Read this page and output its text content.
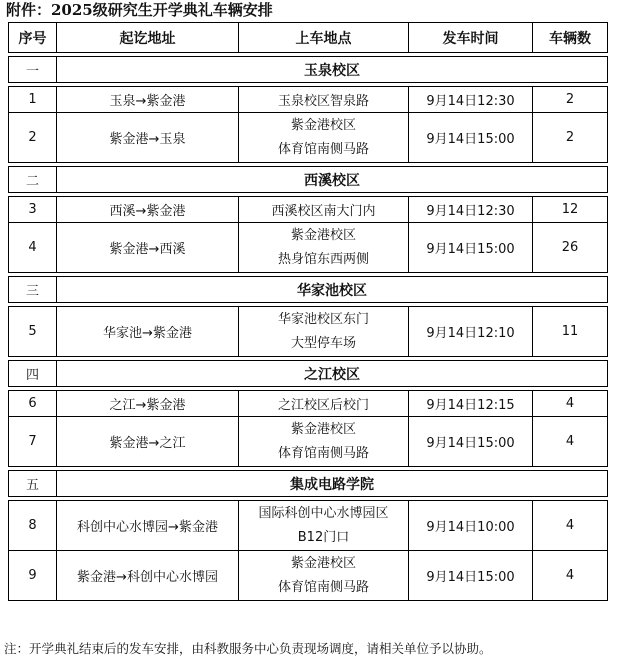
附件：2025级研究生开学典礼车辆安排
序号	起讫地址	上车地点	发车时间	车辆数

一	玉泉校区			

1	玉泉→紫金港	玉泉校区智泉路	9月14日12:30	2
2	紫金港→玉泉	紫金港校区
体育馆南侧马路	9月14日15:00	2

二	西溪校区			

3	西溪→紫金港	西溪校区南大门内	9月14日12:30	12
4	紫金港→西溪	紫金港校区
热身馆东西两侧	9月14日15:00	26

三	华家池校区			

5	华家池→紫金港	华家池校区东门
大型停车场	9月14日12:10	11

四	之江校区			

6	之江→紫金港	之江校区后校门	9月14日12:15	4
7	紫金港→之江	紫金港校区
体育馆南侧马路	9月14日15:00	4

五	集成电路学院			

8	科创中心水博园→紫金港	国际科创中心水博园区
B12门口	9月14日10:00	4
9	紫金港→科创中心水博园	紫金港校区
体育馆南侧马路	9月14日15:00	4
注：开学典礼结束后的发车安排，由科教服务中心负责现场调度，请相关单位予以协助。
